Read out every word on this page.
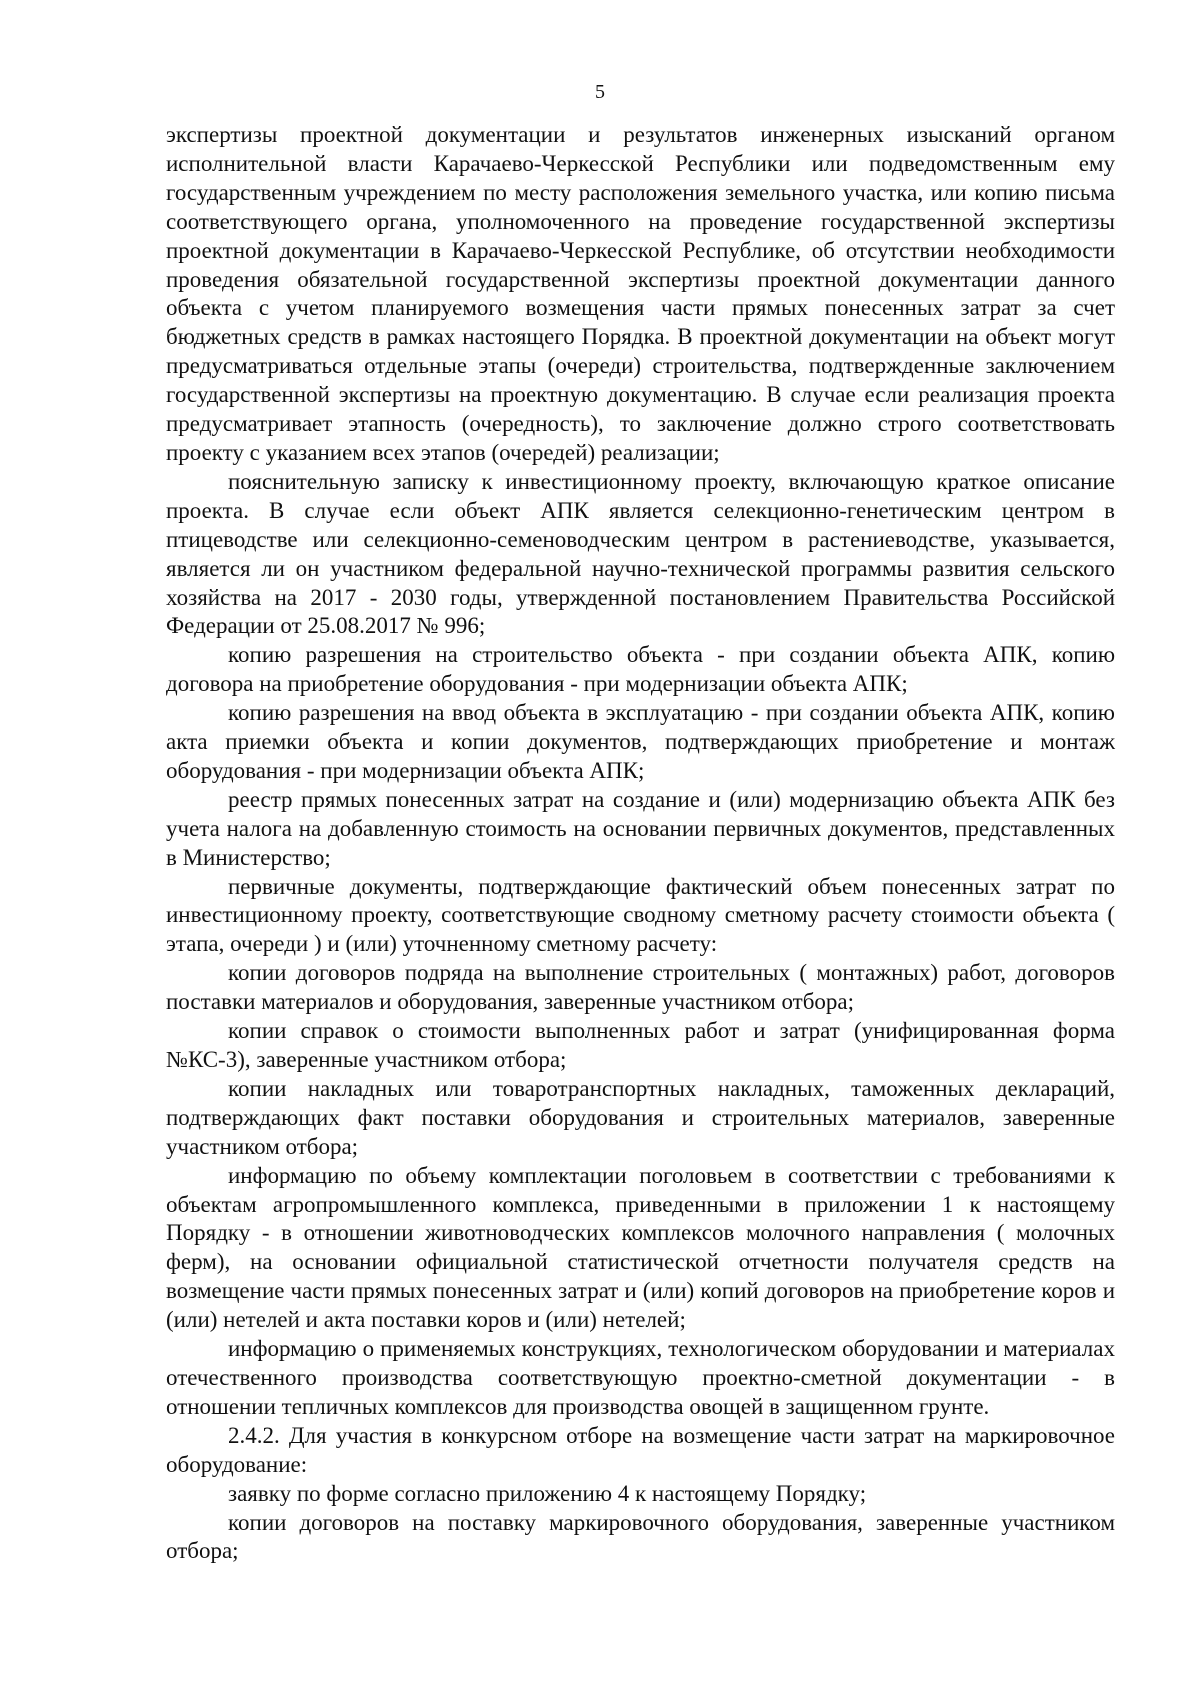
5

экспертизы проектной документации и результатов инженерных изысканий органом исполнительной власти Карачаево-Черкесской Республики или подведомственным ему государственным учреждением по месту расположения земельного участка, или копию письма соответствующего органа, уполномоченного на проведение государственной экспертизы проектной документации в Карачаево-Черкесской Республике, об отсутствии необходимости проведения обязательной государственной экспертизы проектной документации данного объекта с учетом планируемого возмещения части прямых понесенных затрат за счет бюджетных средств в рамках настоящего Порядка. В проектной документации на объект могут предусматриваться отдельные этапы (очереди) строительства, подтвержденные заключением государственной экспертизы на проектную документацию. В случае если реализация проекта предусматривает этапность (очередность), то заключение должно строго соответствовать проекту с указанием всех этапов (очередей) реализации;

пояснительную записку к инвестиционному проекту, включающую краткое описание проекта. В случае если объект АПК является селекционно-генетическим центром в птицеводстве или селекционно-семеноводческим центром в растениеводстве, указывается, является ли он участником федеральной научно-технической программы развития сельского хозяйства на 2017 - 2030 годы, утвержденной постановлением Правительства Российской Федерации от 25.08.2017 № 996;

копию разрешения на строительство объекта - при создании объекта АПК, копию договора на приобретение оборудования - при модернизации объекта АПК;

копию разрешения на ввод объекта в эксплуатацию - при создании объекта АПК, копию акта приемки объекта и копии документов, подтверждающих приобретение и монтаж оборудования - при модернизации объекта АПК;

реестр прямых понесенных затрат на создание и (или) модернизацию объекта АПК без учета налога на добавленную стоимость на основании первичных документов, представленных в Министерство;

первичные документы, подтверждающие фактический объем понесенных затрат по инвестиционному проекту, соответствующие сводному сметному расчету стоимости объекта ( этапа, очереди ) и (или) уточненному сметному расчету:

копии договоров подряда на выполнение строительных ( монтажных) работ, договоров поставки материалов и оборудования, заверенные участником отбора;

копии справок о стоимости выполненных работ и затрат (унифицированная форма №КС-3), заверенные участником отбора;

копии накладных или товаротранспортных накладных, таможенных деклараций, подтверждающих факт поставки оборудования и строительных материалов, заверенные участником отбора;

информацию по объему комплектации поголовьем в соответствии с требованиями к объектам агропромышленного комплекса, приведенными в приложении 1 к настоящему Порядку - в отношении животноводческих комплексов молочного направления ( молочных ферм), на основании официальной статистической отчетности получателя средств на возмещение части прямых понесенных затрат и (или) копий договоров на приобретение коров и (или) нетелей и акта поставки коров и (или) нетелей;

информацию о применяемых конструкциях, технологическом оборудовании и материалах отечественного производства соответствующую проектно-сметной документации - в отношении тепличных комплексов для производства овощей в защищенном грунте.

2.4.2. Для участия в конкурсном отборе на возмещение части затрат на маркировочное оборудование:

заявку по форме согласно приложению 4 к настоящему Порядку;

копии договоров на поставку маркировочного оборудования, заверенные участником отбора;
